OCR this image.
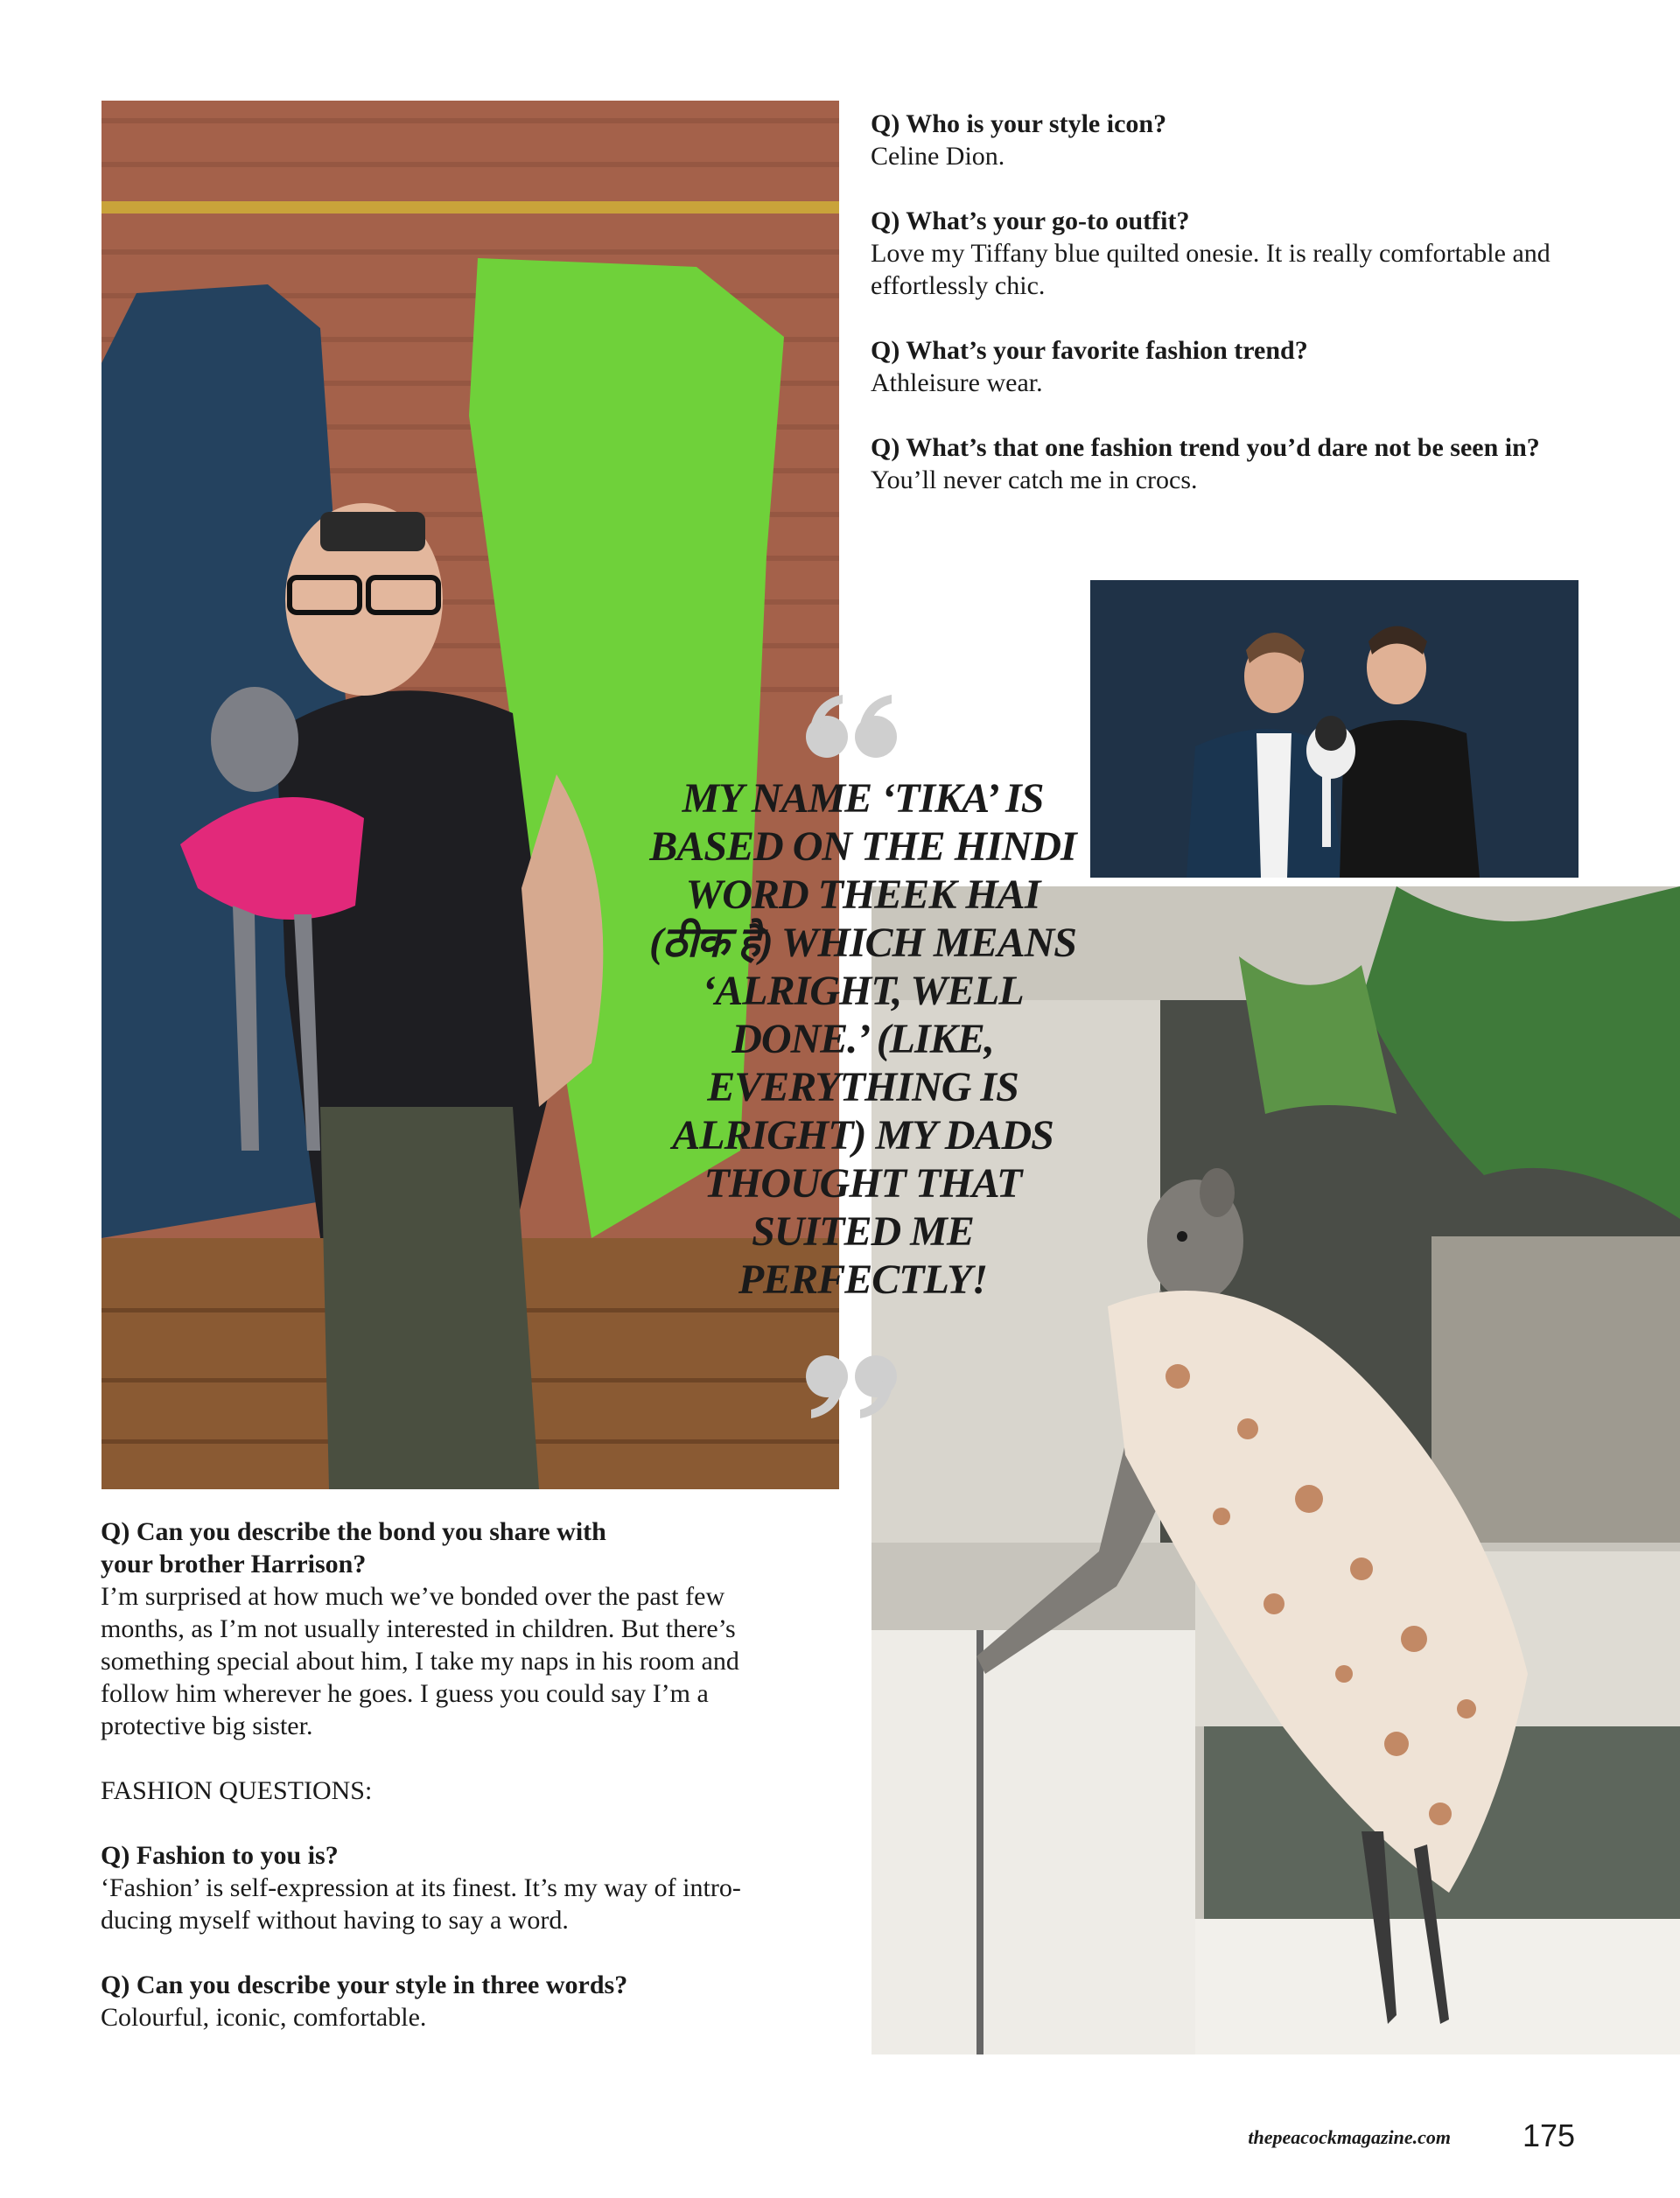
Q) Who is your style icon?

Celine Dion.

Q) What’s your go-to outfit?

Love my Tiffany blue quilted onesie. It is really comfortable and effortlessly chic.

Q) What’s your favorite fashion trend?

Athleisure wear.

Q) What’s that one fashion trend you’d dare not be seen in?

You’ll never catch me in crocs.

MY NAME ‘TIKA’ IS BASED ON THE HINDI WORD THEEK HAI (ठीक है) WHICH MEANS ‘ALRIGHT, WELL DONE.’ (LIKE, EVERYTHING IS ALRIGHT) MY DADS THOUGHT THAT SUITED ME PERFECTLY!

Q) Can you describe the bond you share with your brother Harrison?

I’m surprised at how much we’ve bonded over the past few months, as I’m not usually interested in children. But there’s something special about him, I take my naps in his room and follow him wherever he goes. I guess you could say I’m a protective big sister.

FASHION QUESTIONS:

Q) Fashion to you is?

‘Fashion’ is self-expression at its finest. It’s my way of intro-ducing myself without having to say a word.

Q) Can you describe your style in three words?

Colourful, iconic, comfortable.

thepeacockmagazine.com 175
